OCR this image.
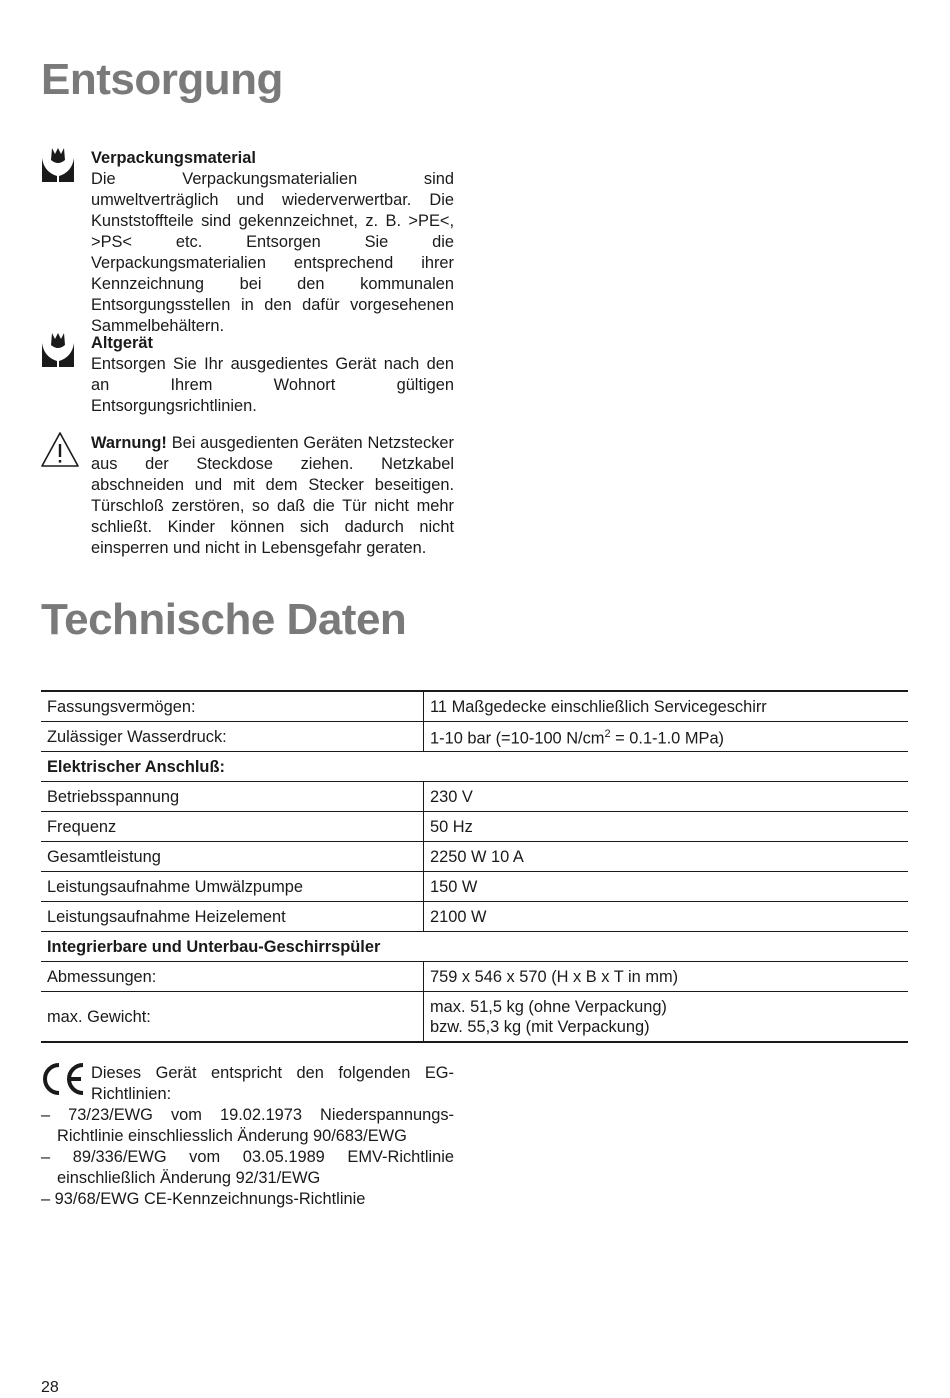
Entsorgung
Verpackungsmaterial
Die Verpackungsmaterialien sind umweltverträglich und wiederverwertbar. Die Kunststoffteile sind gekennzeichnet, z. B. >PE<, >PS< etc. Entsorgen Sie die Verpackungsmaterialien entsprechend ihrer Kennzeichnung bei den kommunalen Entsorgungsstellen in den dafür vorgesehenen Sammelbehältern.
Altgerät
Entsorgen Sie Ihr ausgedientes Gerät nach den an Ihrem Wohnort gültigen Entsorgungsrichtlinien.

Warnung! Bei ausgedienten Geräten Netzstecker aus der Steckdose ziehen. Netzkabel abschneiden und mit dem Stecker beseitigen. Türschloß zerstören, so daß die Tür nicht mehr schließt. Kinder können sich dadurch nicht einsperren und nicht in Lebensgefahr geraten.

Technische Daten
Fassungsvermögen:	11 Maßgedecke einschließlich Servicegeschirr
Zulässiger Wasserdruck:	1-10 bar (=10-100 $N/cm^2 = 0.1-1.0$ MPa)
Elektrischer Anschluß:	
Betriebsspannung	230 V
Frequenz	50 Hz
Gesamtleistung	2250 W 10 A
Leistungsaufnahme Umwälzpumpe	150 W
Leistungsaufnahme Heizelement	2100 W
Integrierbare und Unterbau-Geschirrspüler	
Abmessungen:	759 x 546 x 570 (H x B x T in mm)
max. Gewicht:	max. 51,5 kg (ohne Verpackung)
bzw. 55,3 kg (mit Verpackung)

Dieses Gerät entspricht den folgenden EG-Richtlinien:

– 73/23/EWG vom 19.02.1973 Niederspannungs-Richtlinie einschliesslich Änderung 90/683/EWG
– 89/336/EWG vom 03.05.1989 EMV-Richtlinie einschließlich Änderung 92/31/EWG
– 93/68/EWG CE-Kennzeichnungs-Richtlinie
28
